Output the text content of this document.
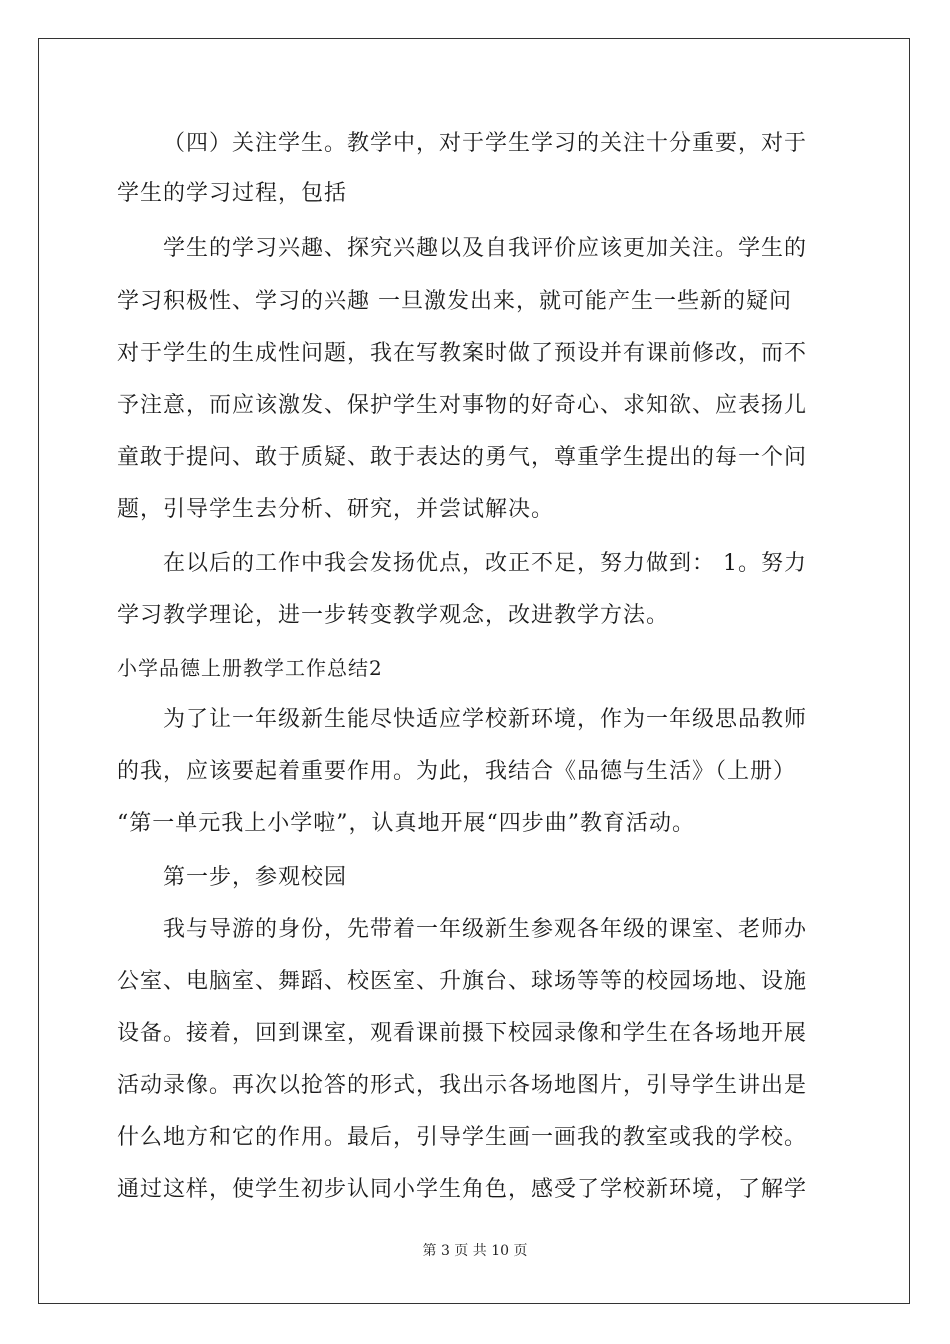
（四）关注学生。教学中，对于学生学习的关注十分重要，对于
学生的学习过程，包括
学生的学习兴趣、探究兴趣以及自我评价应该更加关注。学生的
学习积极性、学习的兴趣 一旦激发出来，就可能产生一些新的疑问
对于学生的生成性问题，我在写教案时做了预设并有课前修改，而不
予注意，而应该激发、保护学生对事物的好奇心、求知欲、应表扬儿
童敢于提问、敢于质疑、敢于表达的勇气，尊重学生提出的每一个问
题，引导学生去分析、研究，并尝试解决。
在以后的工作中我会发扬优点，改正不足，努力做到： 1。努力
学习教学理论，进一步转变教学观念，改进教学方法。
小学品德上册教学工作总结2
为了让一年级新生能尽快适应学校新环境，作为一年级思品教师
的我，应该要起着重要作用。为此，我结合《品德与生活》（上册）
“第一单元我上小学啦”，认真地开展“四步曲”教育活动。
第一步，参观校园
我与导游的身份，先带着一年级新生参观各年级的课室、老师办
公室、电脑室、舞蹈、校医室、升旗台、球场等等的校园场地、设施
设备。接着，回到课室，观看课前摄下校园录像和学生在各场地开展
活动录像。再次以抢答的形式，我出示各场地图片，引导学生讲出是
什么地方和它的作用。最后，引导学生画一画我的教室或我的学校。
通过这样，使学生初步认同小学生角色，感受了学校新环境，了解学
第 3 页 共 10 页
